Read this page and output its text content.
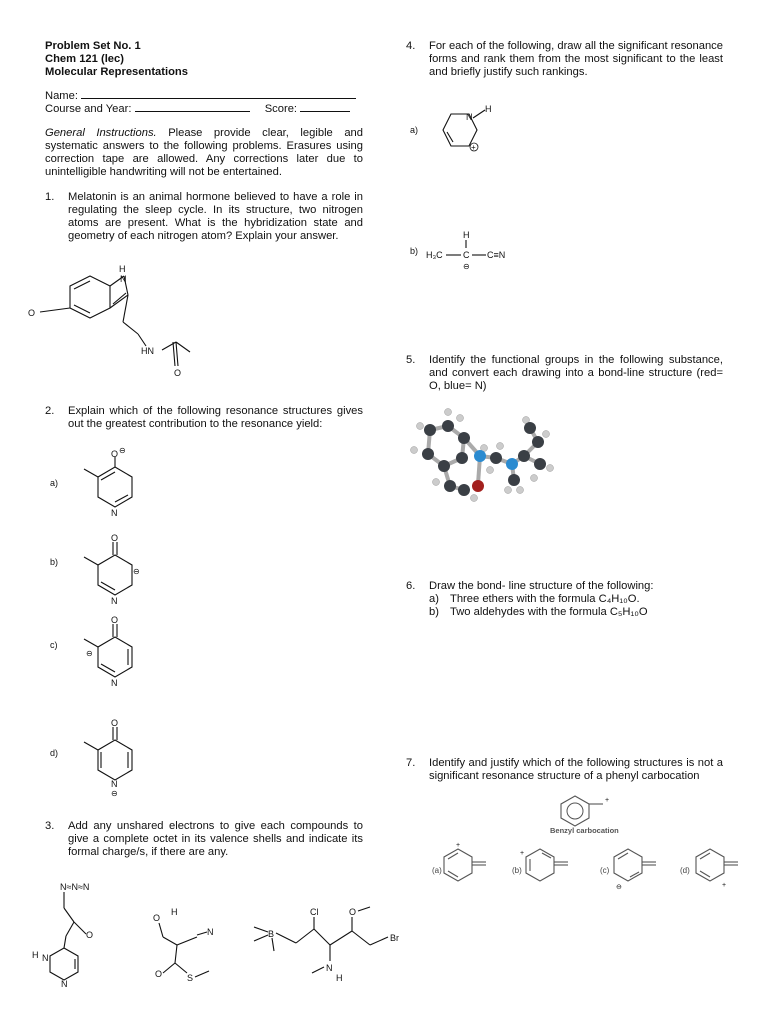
Problem Set No. 1
Chem 121 (lec)
Molecular Representations
Name:
Course and Year:	Score:
General Instructions. Please provide clear, legible and systematic answers to the following problems. Erasures using correction tape are allowed. Any corrections later due to unintelligible handwriting will not be entertained.
1. Melatonin is an animal hormone believed to have a role in regulating the sleep cycle. In its structure, two nitrogen atoms are present. What is the hybridization state and geometry of each nitrogen atom? Explain your answer.
H
N
O
HN
O
2. Explain which of the following resonance structures gives out the greatest contribution to the resonance yield:
a)
O ⊖
N
b)
O
⊖
N
c)
O
⊖
N
d)
O
N
⊖
3. Add any unshared electrons to give each compounds to give a complete octet in its valence shells and indicate its formal charge/s, if there are any.
N≈N≈N
O
H N
N
O
H
N
O	S
B
Cl
N
H
O
Br
4. For each of the following, draw all the significant resonance forms and rank them from the most significant to the least and briefly justify such rankings.
a)
N
H
+
b) H₃C C
H
C≡N
⊖
5. Identify the functional groups in the following substance, and convert each drawing into a bond-line structure (red= O, blue= N)
6. Draw the bond- line structure of the following:
a) Three ethers with the formula C₄H₁₀O.
b) Two aldehydes with the formula C₅H₁₀O
7. Identify and justify which of the following structures is not a significant resonance structure of a phenyl carbocation
+
Benzyl carbocation
(a)
+
(b)
+
(c)
⊖
(d)
+
